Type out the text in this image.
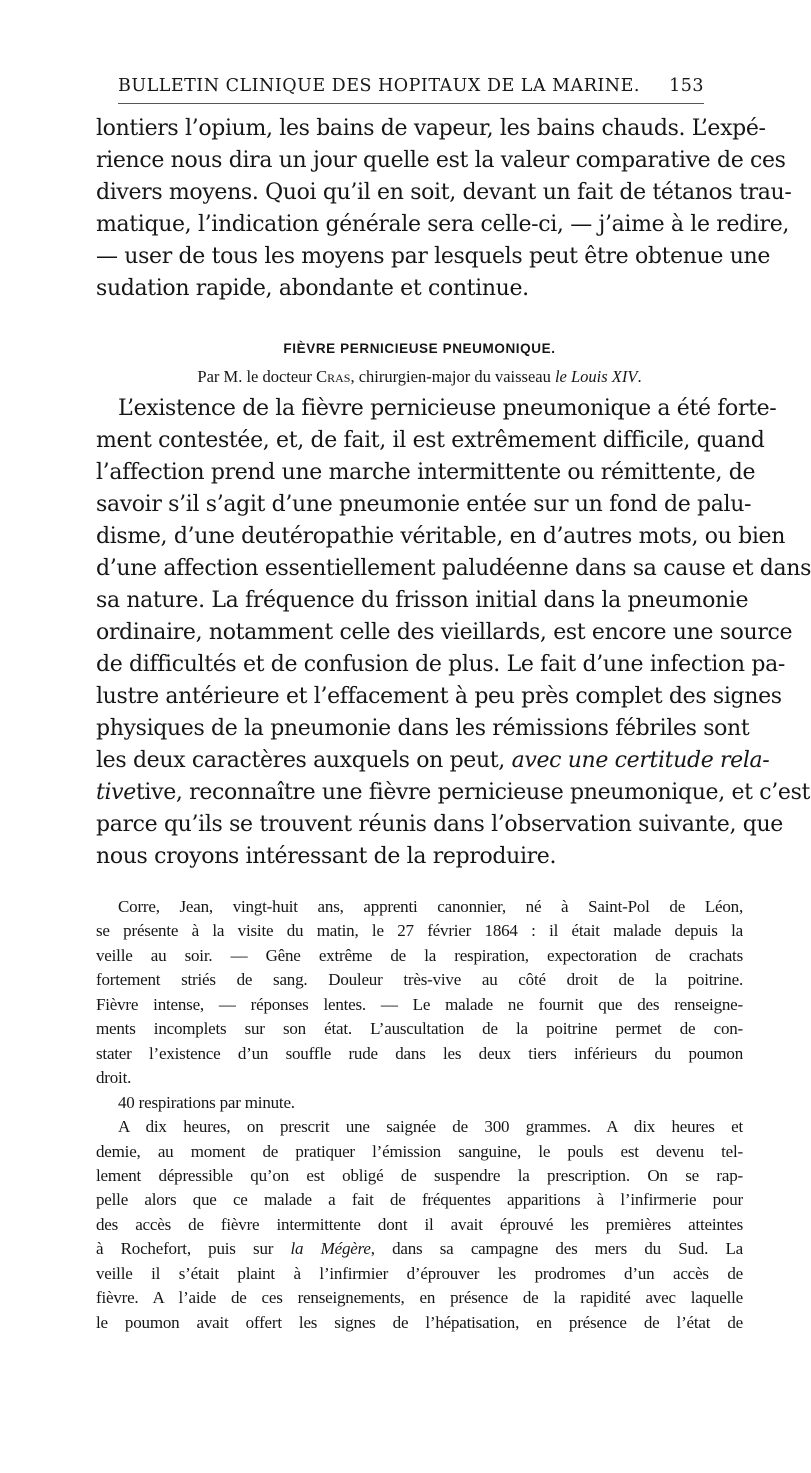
BULLETIN CLINIQUE DES HOPITAUX DE LA MARINE. 153

lontiers l’opium, les bains de vapeur, les bains chauds. L’expé-

rience nous dira un jour quelle est la valeur comparative de ces

divers moyens. Quoi qu’il en soit, devant un fait de tétanos trau-

matique, l’indication générale sera celle-ci, — j’aime à le redire,

— user de tous les moyens par lesquels peut être obtenue une

sudation rapide, abondante et continue.

FIÈVRE PERNICIEUSE PNEUMONIQUE.
Par M. le docteur Cras, chirurgien-major du vaisseau le Louis XIV.

L’existence de la fièvre pernicieuse pneumonique a été forte-

ment contestée, et, de fait, il est extrêmement difficile, quand

l’affection prend une marche intermittente ou rémittente, de

savoir s’il s’agit d’une pneumonie entée sur un fond de palu-

disme, d’une deutéropathie véritable, en d’autres mots, ou bien

d’une affection essentiellement paludéenne dans sa cause et dans

sa nature. La fréquence du frisson initial dans la pneumonie

ordinaire, notamment celle des vieillards, est encore une source

de difficultés et de confusion de plus. Le fait d’une infection pa-

lustre antérieure et l’effacement à peu près complet des signes

physiques de la pneumonie dans les rémissions fébriles sont

les deux caractères auxquels on peut, avec une certitude rela-

tivetive, reconnaître une fièvre pernicieuse pneumonique, et c’est

parce qu’ils se trouvent réunis dans l’observation suivante, que

nous croyons intéressant de la reproduire.

Corre, Jean, vingt-huit ans, apprenti canonnier, né à Saint-Pol de Léon,

se présente à la visite du matin, le 27 février 1864 : il était malade depuis la

veille au soir. — Gêne extrême de la respiration, expectoration de crachats

fortement striés de sang. Douleur très-vive au côté droit de la poitrine.

Fièvre intense, — réponses lentes. — Le malade ne fournit que des renseigne-

ments incomplets sur son état. L’auscultation de la poitrine permet de con-

stater l’existence d’un souffle rude dans les deux tiers inférieurs du poumon

droit.

40 respirations par minute.

A dix heures, on prescrit une saignée de 300 grammes. A dix heures et

demie, au moment de pratiquer l’émission sanguine, le pouls est devenu tel-

lement dépressible qu’on est obligé de suspendre la prescription. On se rap-

pelle alors que ce malade a fait de fréquentes apparitions à l’infirmerie pour

des accès de fièvre intermittente dont il avait éprouvé les premières atteintes

à Rochefort, puis sur la Mégère, dans sa campagne des mers du Sud. La

veille il s’était plaint à l’infirmier d’éprouver les prodromes d’un accès de

fièvre. A l’aide de ces renseignements, en présence de la rapidité avec laquelle

le poumon avait offert les signes de l’hépatisation, en présence de l’état de
